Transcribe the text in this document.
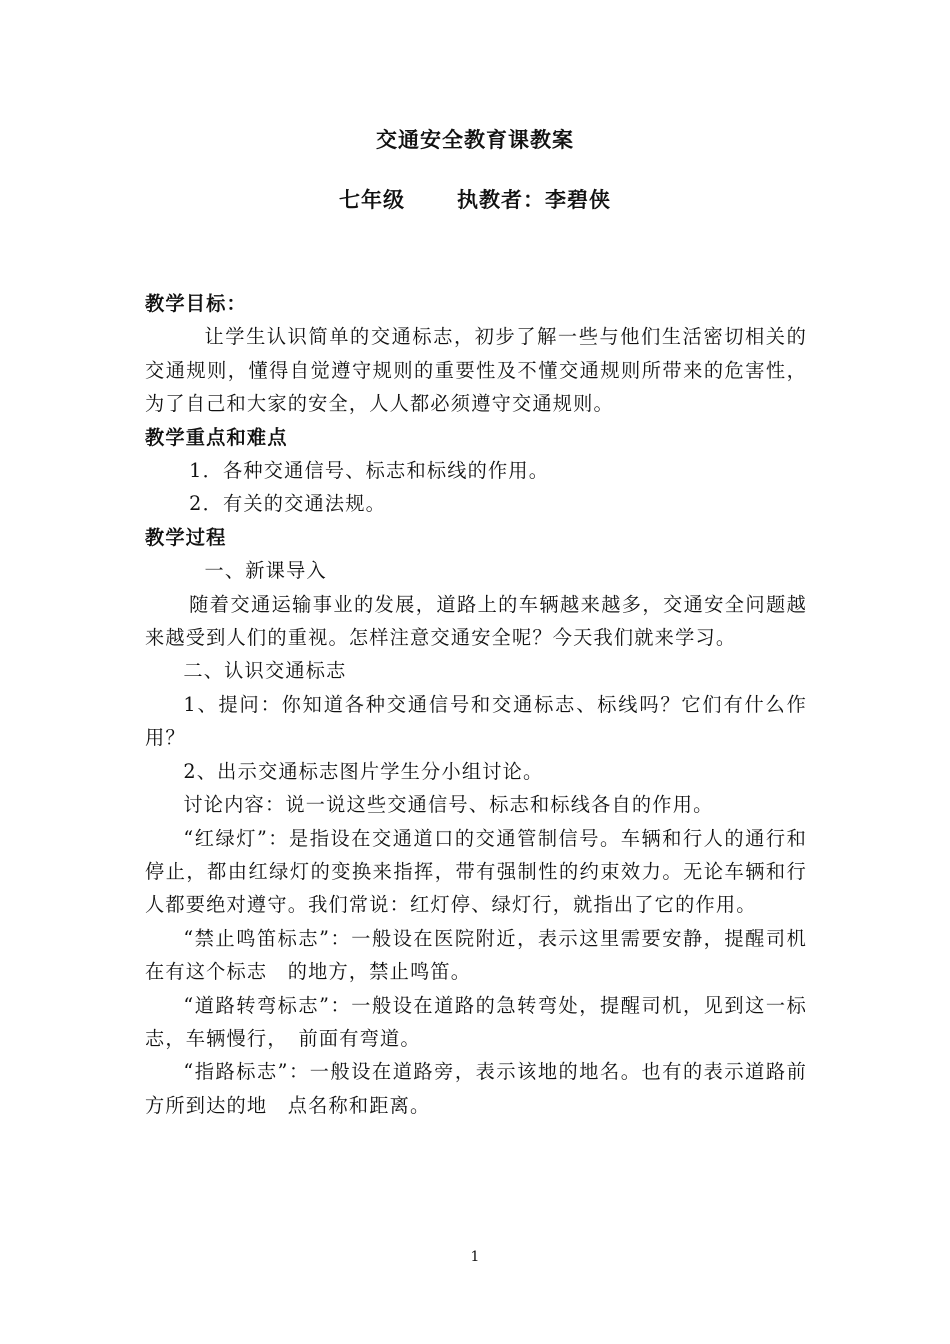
交通安全教育课教案
七年级 执教者：李碧侠

教学目标：

让学生认识简单的交通标志，初步了解一些与他们生活密切相关的交通规则，懂得自觉遵守规则的重要性及不懂交通规则所带来的危害性，为了自己和大家的安全，人人都必须遵守交通规则。

教学重点和难点

1．各种交通信号、标志和标线的作用。

2．有关的交通法规。

教学过程

一、新课导入

随着交通运输事业的发展，道路上的车辆越来越多，交通安全问题越来越受到人们的重视。怎样注意交通安全呢？今天我们就来学习。

二、认识交通标志

1、提问：你知道各种交通信号和交通标志、标线吗？它们有什么作用？

2、出示交通标志图片学生分小组讨论。

讨论内容：说一说这些交通信号、标志和标线各自的作用。

“红绿灯”：是指设在交通道口的交通管制信号。车辆和行人的通行和停止，都由红绿灯的变换来指挥，带有强制性的约束效力。无论车辆和行人都要绝对遵守。我们常说：红灯停、绿灯行，就指出了它的作用。

“禁止鸣笛标志”：一般设在医院附近，表示这里需要安静，提醒司机在有这个标志　的地方，禁止鸣笛。

“道路转弯标志”：一般设在道路的急转弯处，提醒司机，见到这一标志，车辆慢行，　前面有弯道。

“指路标志”：一般设在道路旁，表示该地的地名。也有的表示道路前方所到达的地　点名称和距离。

1
